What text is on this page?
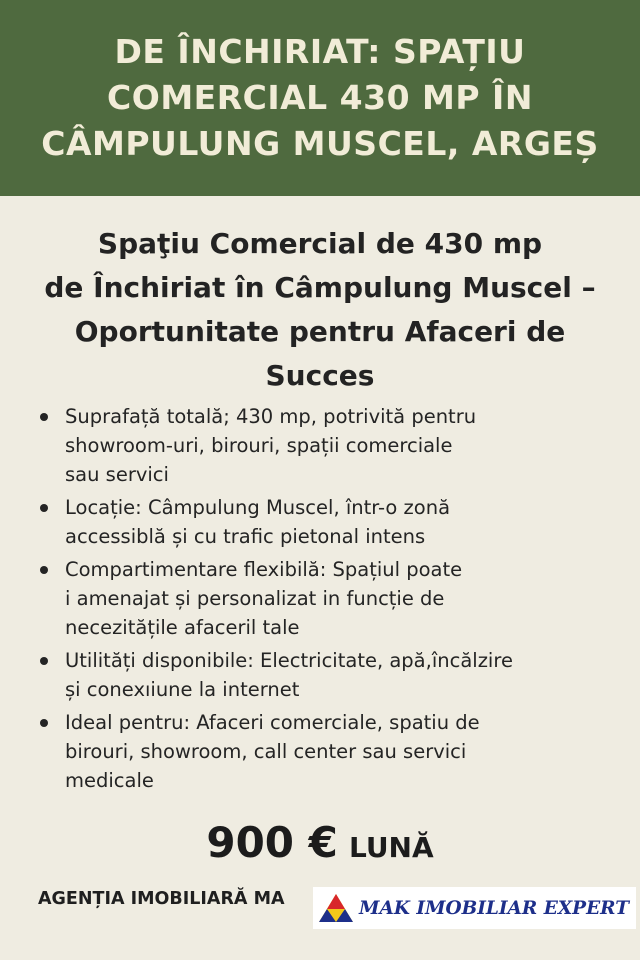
DE ÎNCHIRIAT: SPAȚIU
COMERCIAL 430 MP ÎN
CÂMPULUNG MUSCEL, ARGEȘ
Spaţiu Comercial de 430 mp
de Închiriat în Câmpulung Muscel –
Oportunitate pentru Afaceri de
Succes
Suprafață totală; 430 mp, potrivită pentru
showroom-uri, birouri, spații comerciale
sau servici
Locație: Câmpulung Muscel, într-o zonă
accessiblă și cu trafic pietonal intens
Compartimentare flexibilă: Spațiul poate
i amenajat și personalizat in funcție de
necezitățile afaceril tale
Utilități disponibile: Electricitate, apă,încălzire
și conexıiune la internet
Ideal pentru: Afaceri comerciale, spatiu de
birouri, showroom, call center sau servici
medicale
900 € LUNĂ
AGENȚIA IMOBILIARĂ MA	MAK IMOBILIAR EXPERT
